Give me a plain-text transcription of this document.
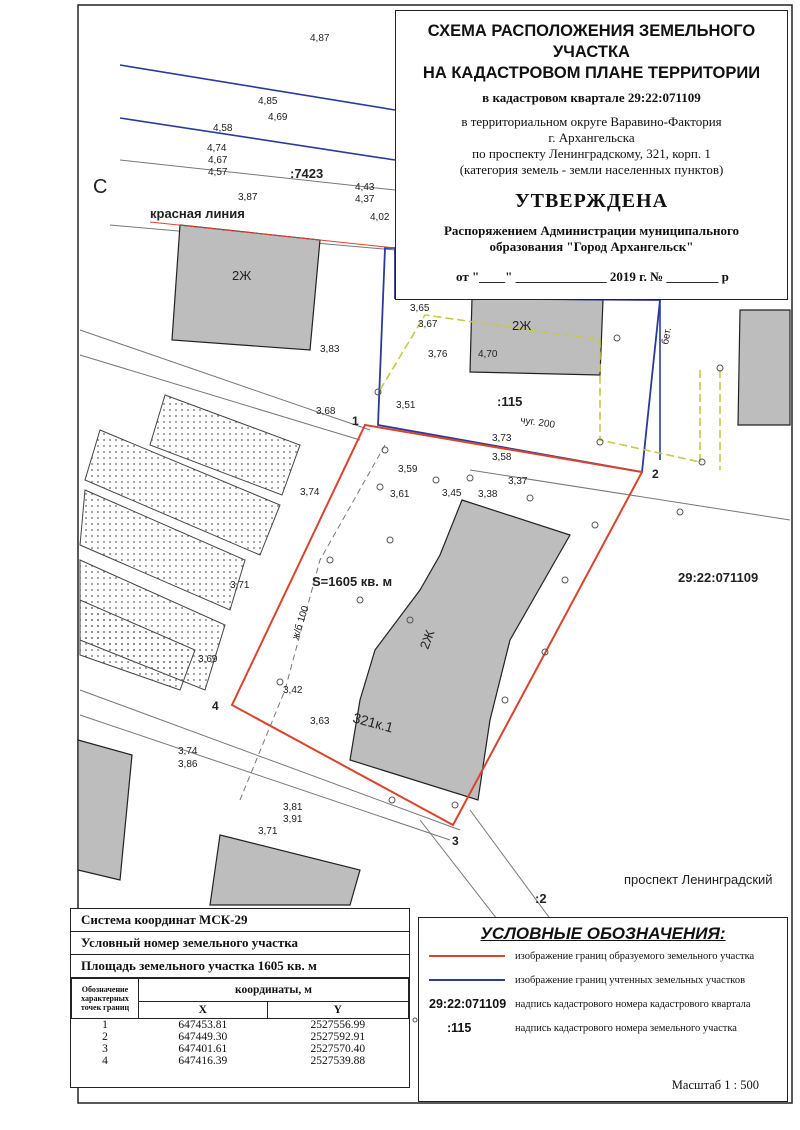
красная линия
S=1605 кв. м	29:22:071109
проспект Ленинградский
:115
:2
:7423
С
321к.1
2Ж
2Ж
2Ж
чуг. 200
ж/б 100
бет.
1
2
3
4
4,87
4,85
4,69
4,58
4,74
4,67
4,57
4,43
4,37
4,02
3,87
3,65
3,67
3,76	4,70
3,51
3,73
3,58
3,59
3,61	3,45 3,38
3,37
3,74
3,71
3,69
3,42
3,63
3,74
3,86
3,81
3,91
3,71
3,83
3,68
СХЕМА РАСПОЛОЖЕНИЯ ЗЕМЕЛЬНОГО УЧАСТКА
НА КАДАСТРОВОМ ПЛАНЕ ТЕРРИТОРИИ
в кадастровом квартале 29:22:071109
в территориальном округе Варавино-Фактория
г. Архангельска
по проспекту Ленинградскому, 321, корп. 1
(категория земель - земли населенных пунктов)
УТВЕРЖДЕНА
Распоряжением Администрации муниципального
образования "Город Архангельск"
от "____" ______________ 2019 г. № ________ р
Система координат МСК-29
Условный номер земельного участка
Площадь земельного участка 1605 кв. м
Обозначение характерных точек границ	координаты, м	
	X	Y
1	647453.81	2527556.99
2	647449.30	2527592.91
3	647401.61	2527570.40
4	647416.39	2527539.88
УСЛОВНЫЕ ОБОЗНАЧЕНИЯ:
изображение границ образуемого земельного участка
изображение границ учтенных земельных участков
29:22:071109 надпись кадастрового номера кадастрового квартала
:115	надпись кадастрового номера земельного участка
Масштаб 1 : 500
